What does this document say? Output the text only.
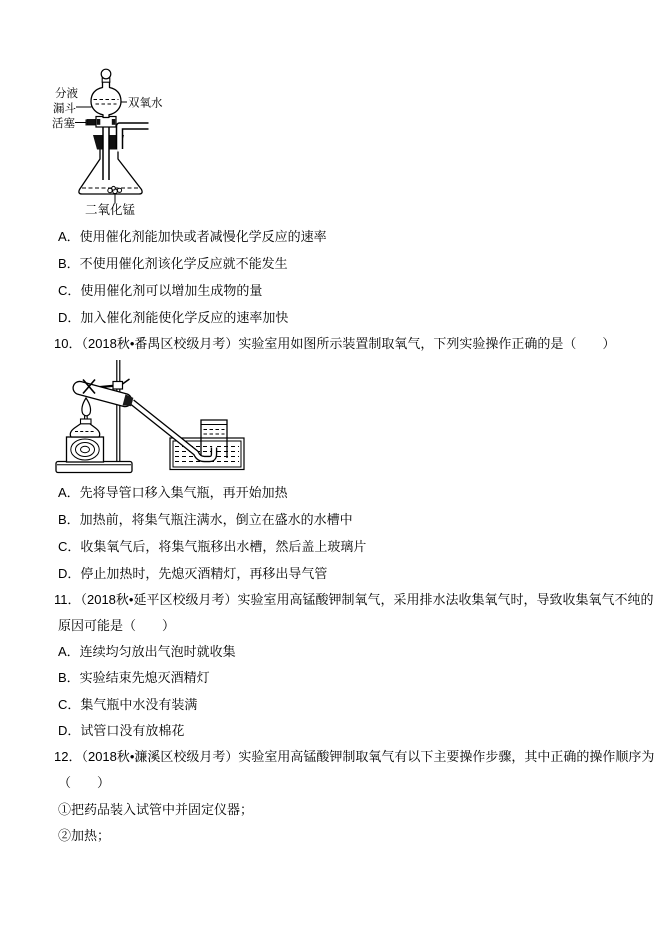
分液
漏斗
活塞
双氧水
二氧化锰
A．使用催化剂能加快或者减慢化学反应的速率
B．不使用催化剂该化学反应就不能发生
C．使用催化剂可以增加生成物的量
D．加入催化剂能使化学反应的速率加快
10．（2018秋•番禺区校级月考）实验室用如图所示装置制取氧气，下列实验操作正确的是（　　）
A．先将导管口移入集气瓶，再开始加热
B．加热前，将集气瓶注满水，倒立在盛水的水槽中
C．收集氧气后，将集气瓶移出水槽，然后盖上玻璃片
D．停止加热时，先熄灭酒精灯，再移出导气管
11．（2018秋•延平区校级月考）实验室用高锰酸钾制氧气，采用排水法收集氧气时，导致收集氧气不纯的
原因可能是（　　）
A．连续均匀放出气泡时就收集
B．实验结束先熄灭酒精灯
C．集气瓶中水没有装满
D．试管口没有放棉花
12．（2018秋•濂溪区校级月考）实验室用高锰酸钾制取氧气有以下主要操作步骤，其中正确的操作顺序为
（　　）
①把药品装入试管中并固定仪器；
②加热；
